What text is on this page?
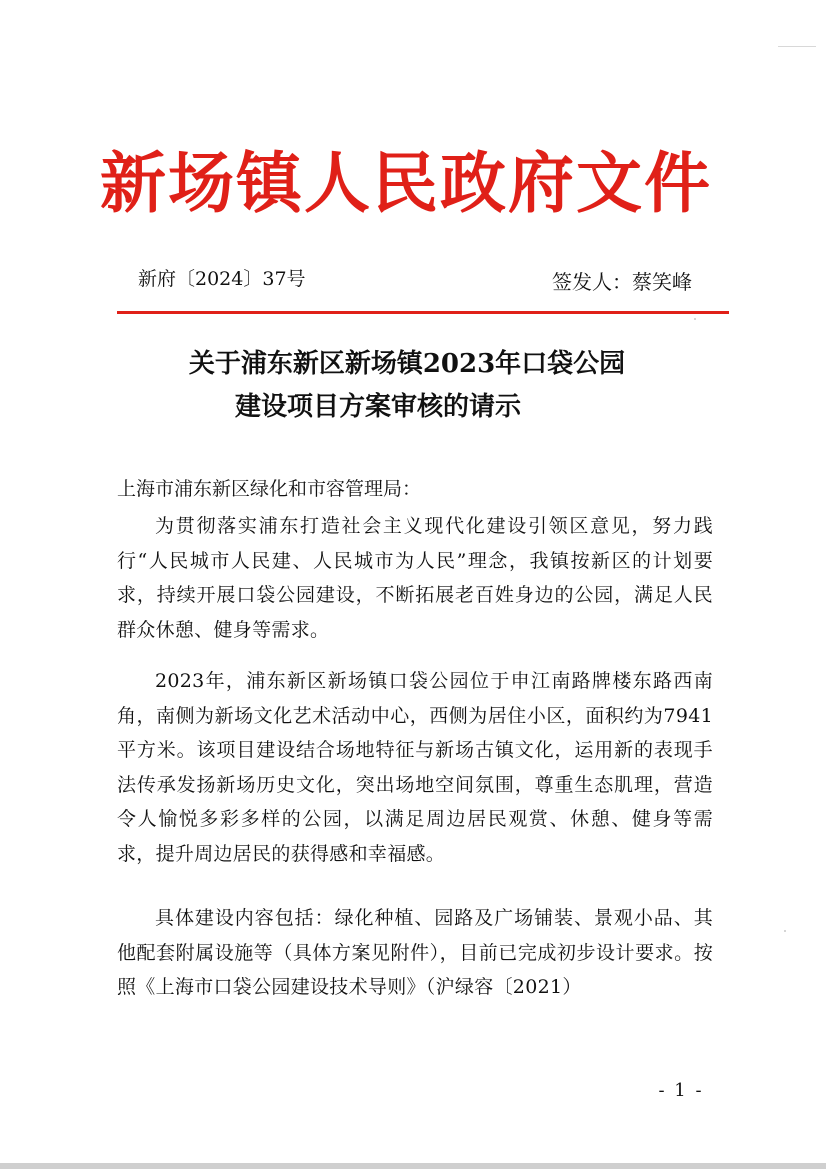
新场镇人民政府文件
新府〔2024〕37号	签发人：蔡笑峰
关于浦东新区新场镇2023年口袋公园
建设项目方案审核的请示
上海市浦东新区绿化和市容管理局：
为贯彻落实浦东打造社会主义现代化建设引领区意见，努力践行“人民城市人民建、人民城市为人民”理念，我镇按新区的计划要求，持续开展口袋公园建设，不断拓展老百姓身边的公园，满足人民群众休憩、健身等需求。
2023年，浦东新区新场镇口袋公园位于申江南路牌楼东路西南角，南侧为新场文化艺术活动中心，西侧为居住小区，面积约为7941平方米。该项目建设结合场地特征与新场古镇文化，运用新的表现手法传承发扬新场历史文化，突出场地空间氛围，尊重生态肌理，营造令人愉悦多彩多样的公园，以满足周边居民观赏、休憩、健身等需求，提升周边居民的获得感和幸福感。
具体建设内容包括：绿化种植、园路及广场铺装、景观小品、其他配套附属设施等（具体方案见附件），目前已完成初步设计要求。按照《上海市口袋公园建设技术导则》（沪绿容〔2021）
- 1 -
